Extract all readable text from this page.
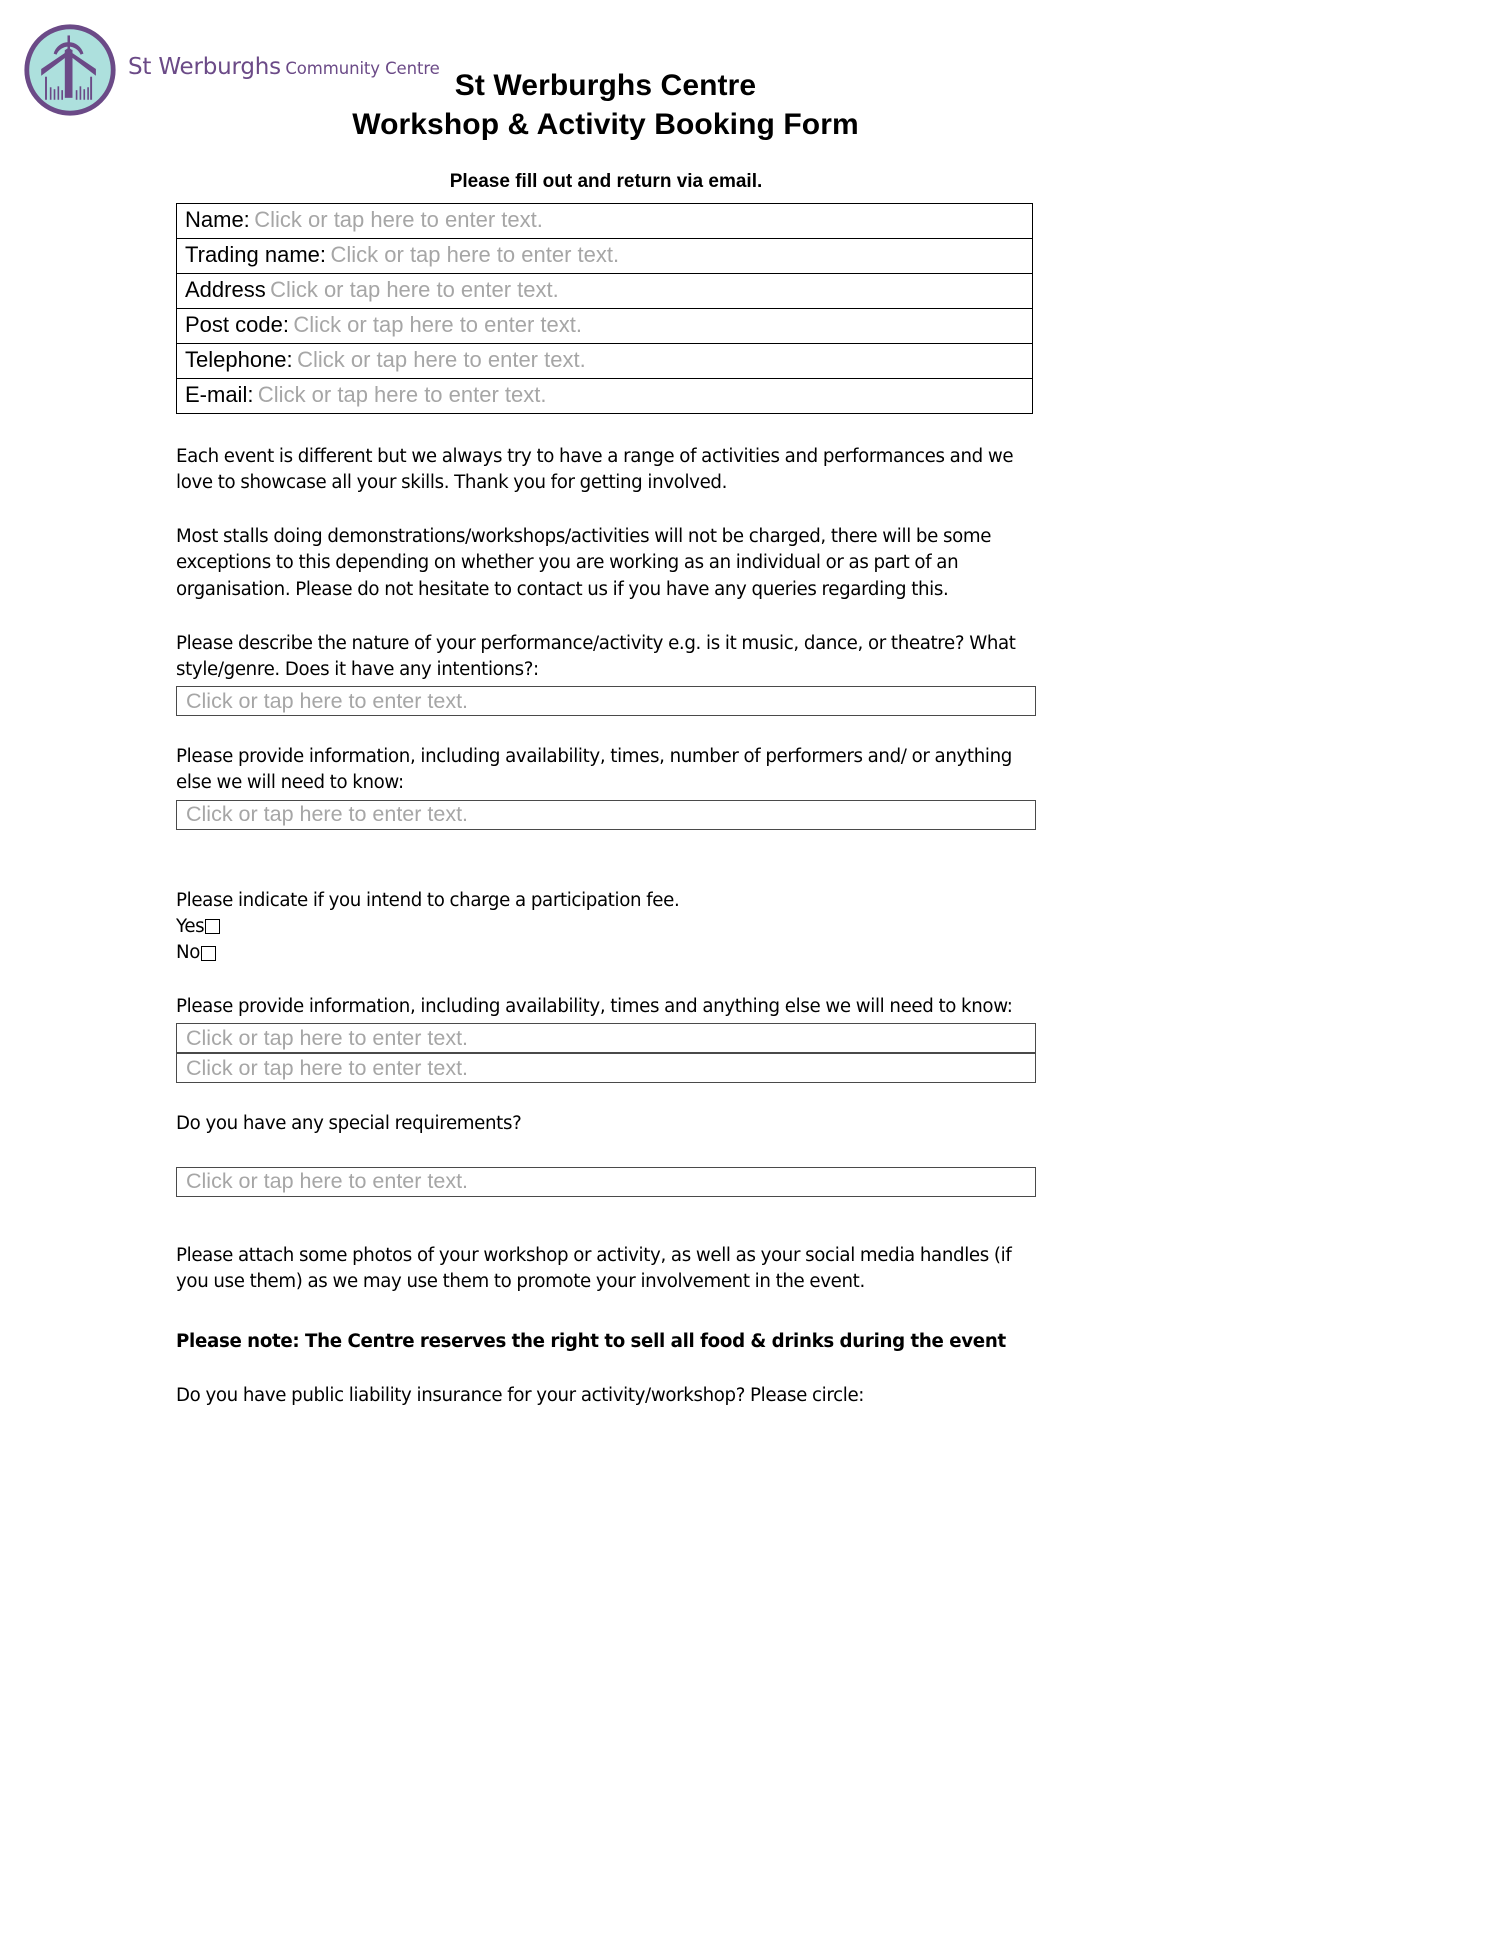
St Werburghs Community Centre
St Werburghs Centre
Workshop & Activity Booking Form
Please fill out and return via email.
Name: Click or tap here to enter text.
Trading name: Click or tap here to enter text.
Address Click or tap here to enter text.
Post code: Click or tap here to enter text.
Telephone: Click or tap here to enter text.
E-mail: Click or tap here to enter text.

Each event is different but we always try to have a range of activities and performances and we love to showcase all your skills. Thank you for getting involved.

Most stalls doing demonstrations/workshops/activities will not be charged, there will be some exceptions to this depending on whether you are working as an individual or as part of an organisation. Please do not hesitate to contact us if you have any queries regarding this.

Please describe the nature of your performance/activity e.g. is it music, dance, or theatre? What style/genre. Does it have any intentions?:

Click or tap here to enter text.

Please provide information, including availability, times, number of performers and/ or anything else we will need to know:

Click or tap here to enter text.

Please indicate if you intend to charge a participation fee.

Yes
No

Please provide information, including availability, times and anything else we will need to know:

Click or tap here to enter text.
Click or tap here to enter text.

Do you have any special requirements?

Click or tap here to enter text.

Please attach some photos of your workshop or activity, as well as your social media handles (if you use them) as we may use them to promote your involvement in the event.

Please note: The Centre reserves the right to sell all food & drinks during the event

Do you have public liability insurance for your activity/workshop? Please circle:
